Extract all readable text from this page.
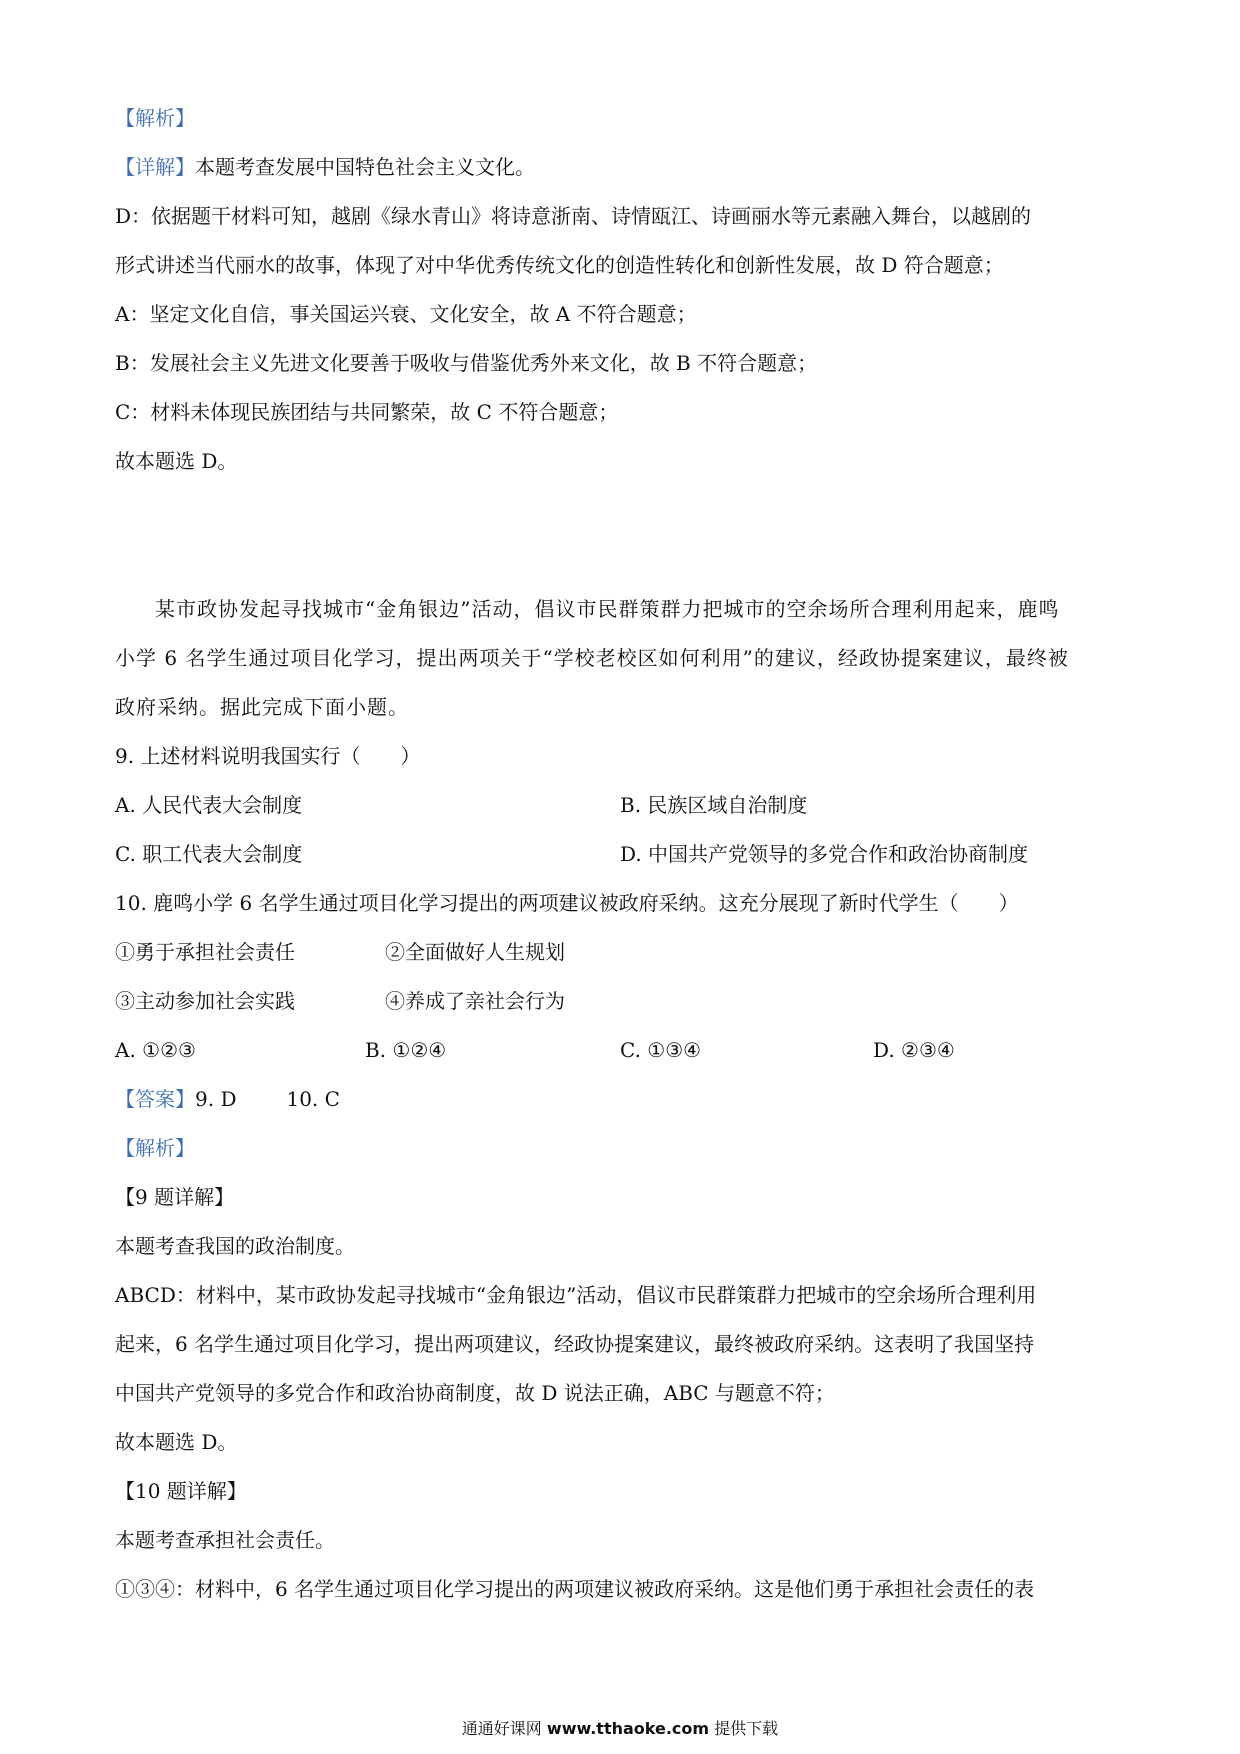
【解析】
【详解】本题考查发展中国特色社会主义文化。
D：依据题干材料可知，越剧《绿水青山》将诗意浙南、诗情瓯江、诗画丽水等元素融入舞台，以越剧的
形式讲述当代丽水的故事，体现了对中华优秀传统文化的创造性转化和创新性发展，故 D 符合题意；
A：坚定文化自信，事关国运兴衰、文化安全，故 A 不符合题意；
B：发展社会主义先进文化要善于吸收与借鉴优秀外来文化，故 B 不符合题意；
C：材料未体现民族团结与共同繁荣，故 C 不符合题意；
故本题选 D。
某市政协发起寻找城市“金角银边”活动，倡议市民群策群力把城市的空余场所合理利用起来，鹿鸣
小学 6 名学生通过项目化学习，提出两项关于“学校老校区如何利用”的建议，经政协提案建议，最终被
政府采纳。据此完成下面小题。
9. 上述材料说明我国实行（　　）
A. 人民代表大会制度	B. 民族区域自治制度
C. 职工代表大会制度	D. 中国共产党领导的多党合作和政治协商制度
10. 鹿鸣小学 6 名学生通过项目化学习提出的两项建议被政府采纳。这充分展现了新时代学生（　　）
①勇于承担社会责任	②全面做好人生规划
③主动参加社会实践	④养成了亲社会行为
A. ①②③	B. ①②④	C. ①③④	D. ②③④
【答案】9. D	10. C
【解析】
【9 题详解】
本题考查我国的政治制度。
ABCD：材料中，某市政协发起寻找城市“金角银边”活动，倡议市民群策群力把城市的空余场所合理利用
起来，6 名学生通过项目化学习，提出两项建议，经政协提案建议，最终被政府采纳。这表明了我国坚持
中国共产党领导的多党合作和政治协商制度，故 D 说法正确，ABC 与题意不符；
故本题选 D。
【10 题详解】
本题考查承担社会责任。
①③④：材料中，6 名学生通过项目化学习提出的两项建议被政府采纳。这是他们勇于承担社会责任的表
通通好课网 www.tthaoke.com 提供下载
